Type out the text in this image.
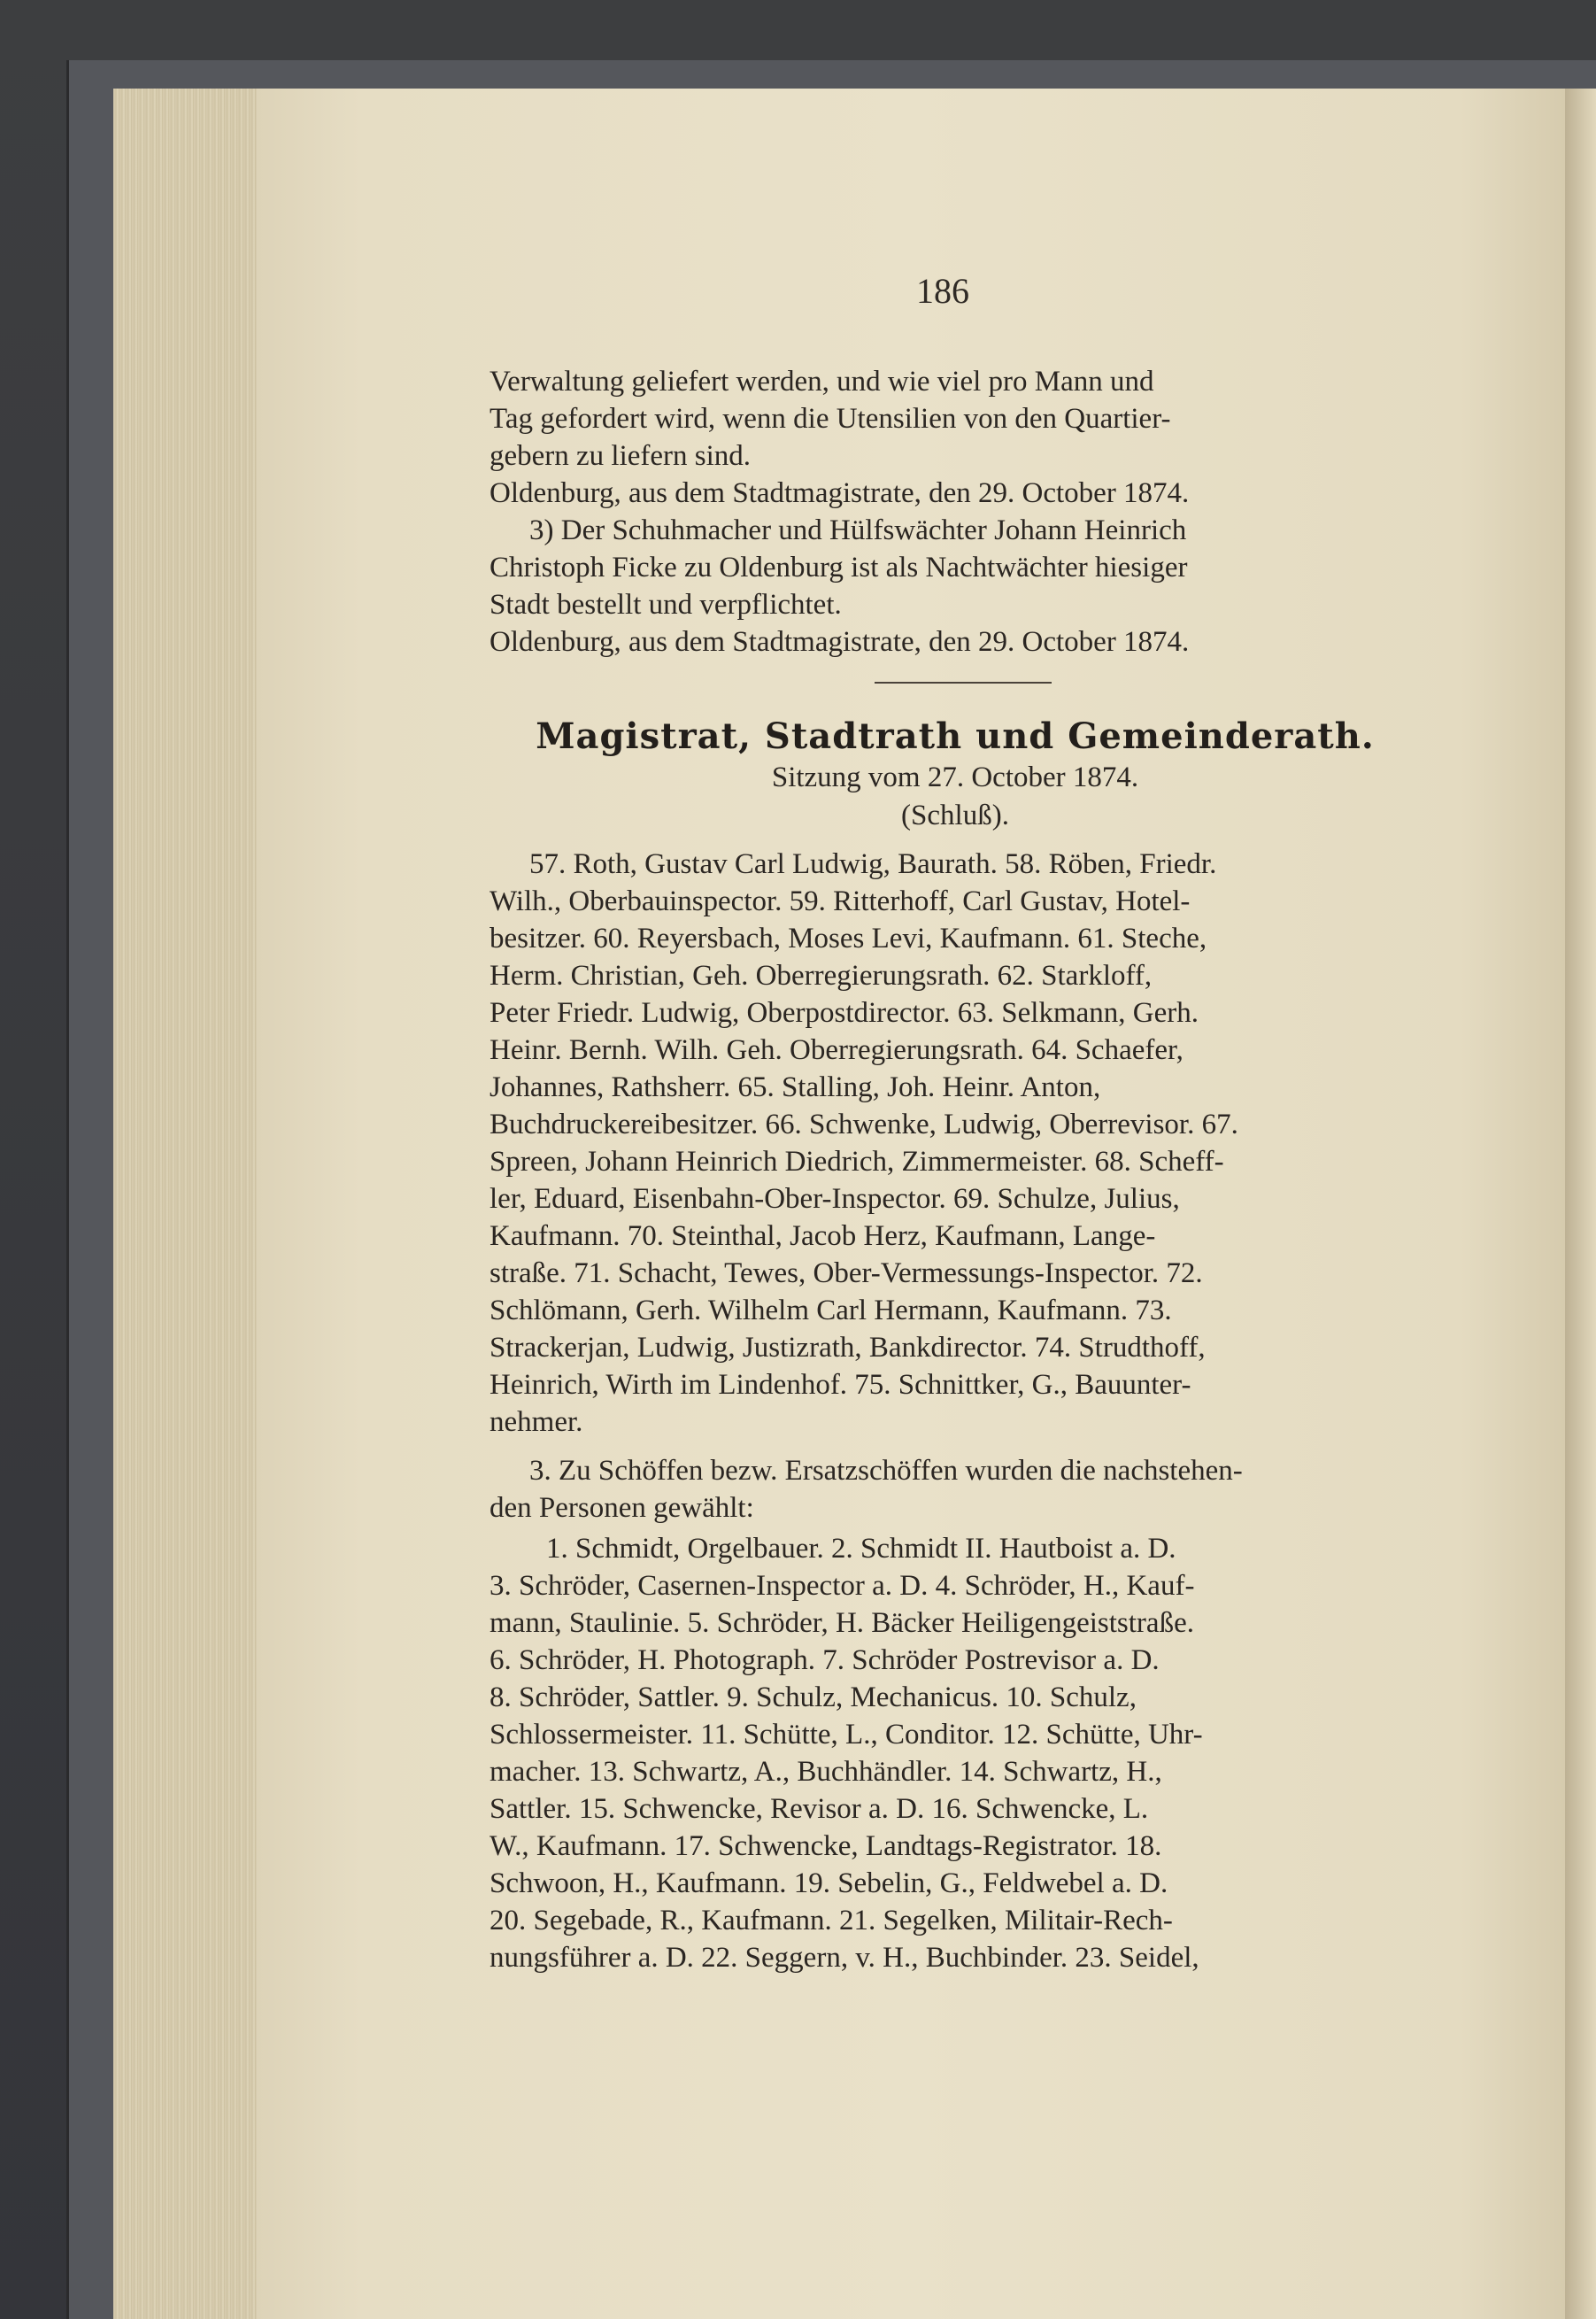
186
Verwaltung geliefert werden, und wie viel pro Mann und
Tag gefordert wird, wenn die Utensilien von den Quartier-
gebern zu liefern sind.
Oldenburg, aus dem Stadtmagistrate, den 29. October 1874.
3) Der Schuhmacher und Hülfswächter Johann Heinrich
Christoph Ficke zu Oldenburg ist als Nachtwächter hiesiger
Stadt bestellt und verpflichtet.
Oldenburg, aus dem Stadtmagistrate, den 29. October 1874.
Magistrat, Stadtrath und Gemeinderath.
Sitzung vom 27. October 1874.
(Schluß).
57. Roth, Gustav Carl Ludwig, Baurath. 58. Röben, Friedr.
Wilh., Oberbauinspector. 59. Ritterhoff, Carl Gustav, Hotel-
besitzer. 60. Reyersbach, Moses Levi, Kaufmann. 61. Steche,
Herm. Christian, Geh. Oberregierungsrath. 62. Starkloff,
Peter Friedr. Ludwig, Oberpostdirector. 63. Selkmann, Gerh.
Heinr. Bernh. Wilh. Geh. Oberregierungsrath. 64. Schaefer,
Johannes, Rathsherr. 65. Stalling, Joh. Heinr. Anton,
Buchdruckereibesitzer. 66. Schwenke, Ludwig, Oberrevisor. 67.
Spreen, Johann Heinrich Diedrich, Zimmermeister. 68. Scheff-
ler, Eduard, Eisenbahn-Ober-Inspector. 69. Schulze, Julius,
Kaufmann. 70. Steinthal, Jacob Herz, Kaufmann, Lange-
straße. 71. Schacht, Tewes, Ober-Vermessungs-Inspector. 72.
Schlömann, Gerh. Wilhelm Carl Hermann, Kaufmann. 73.
Strackerjan, Ludwig, Justizrath, Bankdirector. 74. Strudthoff,
Heinrich, Wirth im Lindenhof. 75. Schnittker, G., Bauunter-
nehmer.
3. Zu Schöffen bezw. Ersatzschöffen wurden die nachstehen-
den Personen gewählt:
1. Schmidt, Orgelbauer. 2. Schmidt II. Hautboist a. D.
3. Schröder, Casernen-Inspector a. D. 4. Schröder, H., Kauf-
mann, Staulinie. 5. Schröder, H. Bäcker Heiligengeiststraße.
6. Schröder, H. Photograph. 7. Schröder Postrevisor a. D.
8. Schröder, Sattler. 9. Schulz, Mechanicus. 10. Schulz,
Schlossermeister. 11. Schütte, L., Conditor. 12. Schütte, Uhr-
macher. 13. Schwartz, A., Buchhändler. 14. Schwartz, H.,
Sattler. 15. Schwencke, Revisor a. D. 16. Schwencke, L.
W., Kaufmann. 17. Schwencke, Landtags-Registrator. 18.
Schwoon, H., Kaufmann. 19. Sebelin, G., Feldwebel a. D.
20. Segebade, R., Kaufmann. 21. Segelken, Militair-Rech-
nungsführer a. D. 22. Seggern, v. H., Buchbinder. 23. Seidel,
